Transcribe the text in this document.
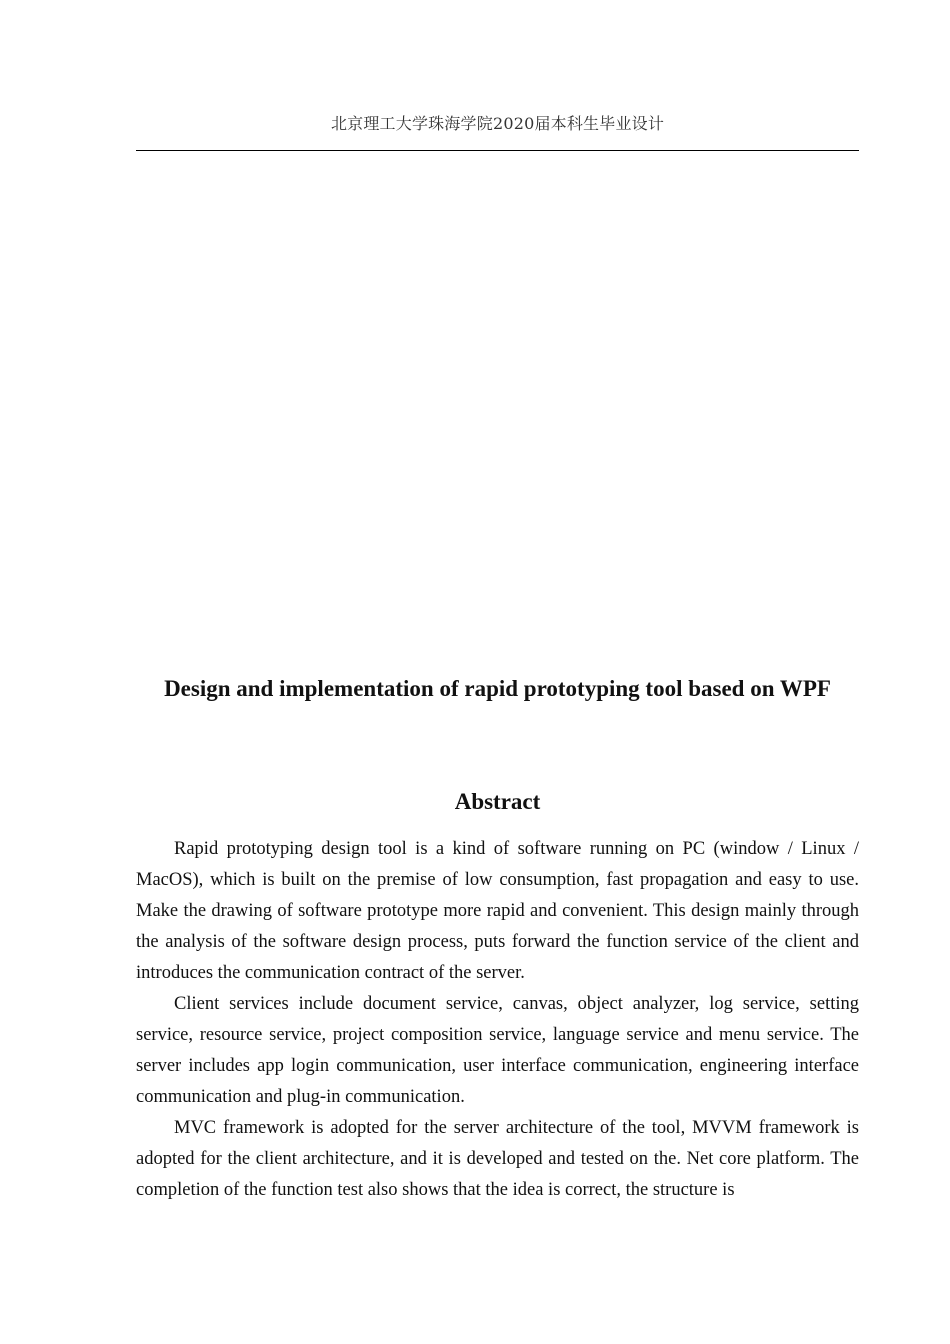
北京理工大学珠海学院2020届本科生毕业设计
Design and implementation of rapid prototyping tool based on WPF
Abstract

Rapid prototyping design tool is a kind of software running on PC (window / Linux / MacOS), which is built on the premise of low consumption, fast propagation and easy to use. Make the drawing of software prototype more rapid and convenient. This design mainly through the analysis of the software design process, puts forward the function service of the client and introduces the communication contract of the server.

Client services include document service, canvas, object analyzer, log service, setting service, resource service, project composition service, language service and menu service. The server includes app login communication, user interface communication, engineering interface communication and plug-in communication.

MVC framework is adopted for the server architecture of the tool, MVVM framework is adopted for the client architecture, and it is developed and tested on the. Net core platform. The completion of the function test also shows that the idea is correct, the structure is
